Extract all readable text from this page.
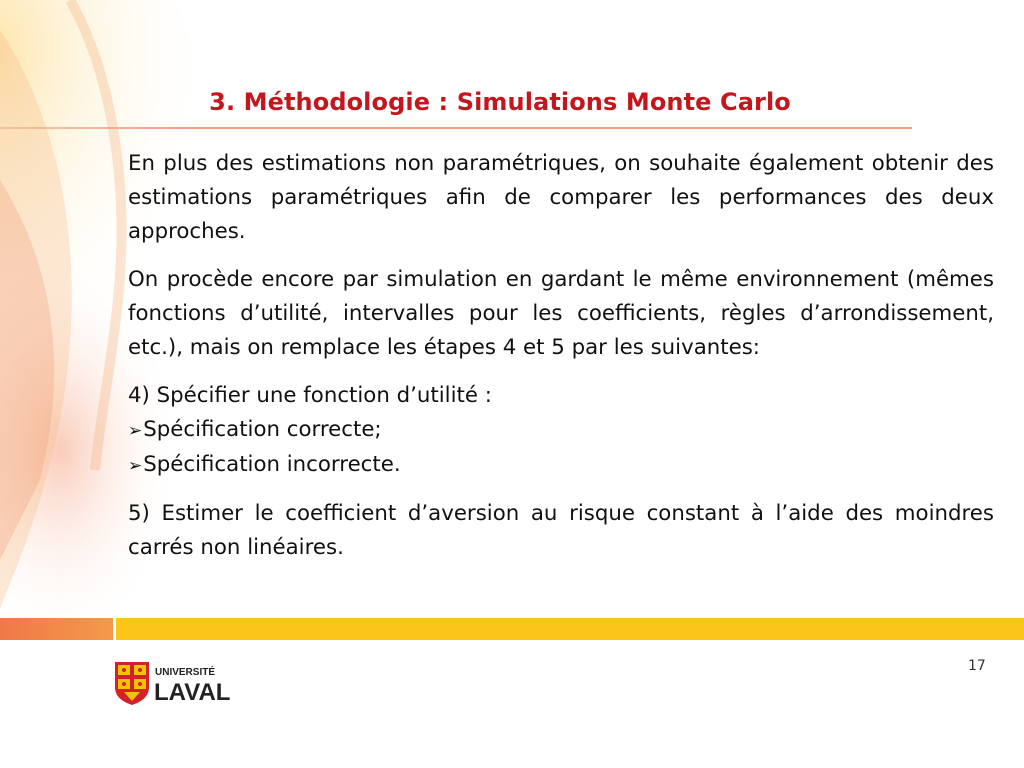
3. Méthodologie : Simulations Monte Carlo

En plus des estimations non paramétriques, on souhaite également obtenir des estimations paramétriques afin de comparer les performances des deux approches.

On procède encore par simulation en gardant le même environnement (mêmes fonctions d’utilité, intervalles pour les coefficients, règles d’arrondissement, etc.), mais on remplace les étapes 4 et 5 par les suivantes:

4) Spécifier une fonction d’utilité :

➢ Spécification correcte;
➢ Spécification incorrecte.

5) Estimer le coefficient d’aversion au risque constant à l’aide des moindres carrés non linéaires.

17
UNIVERSITÉ
LAVAL
